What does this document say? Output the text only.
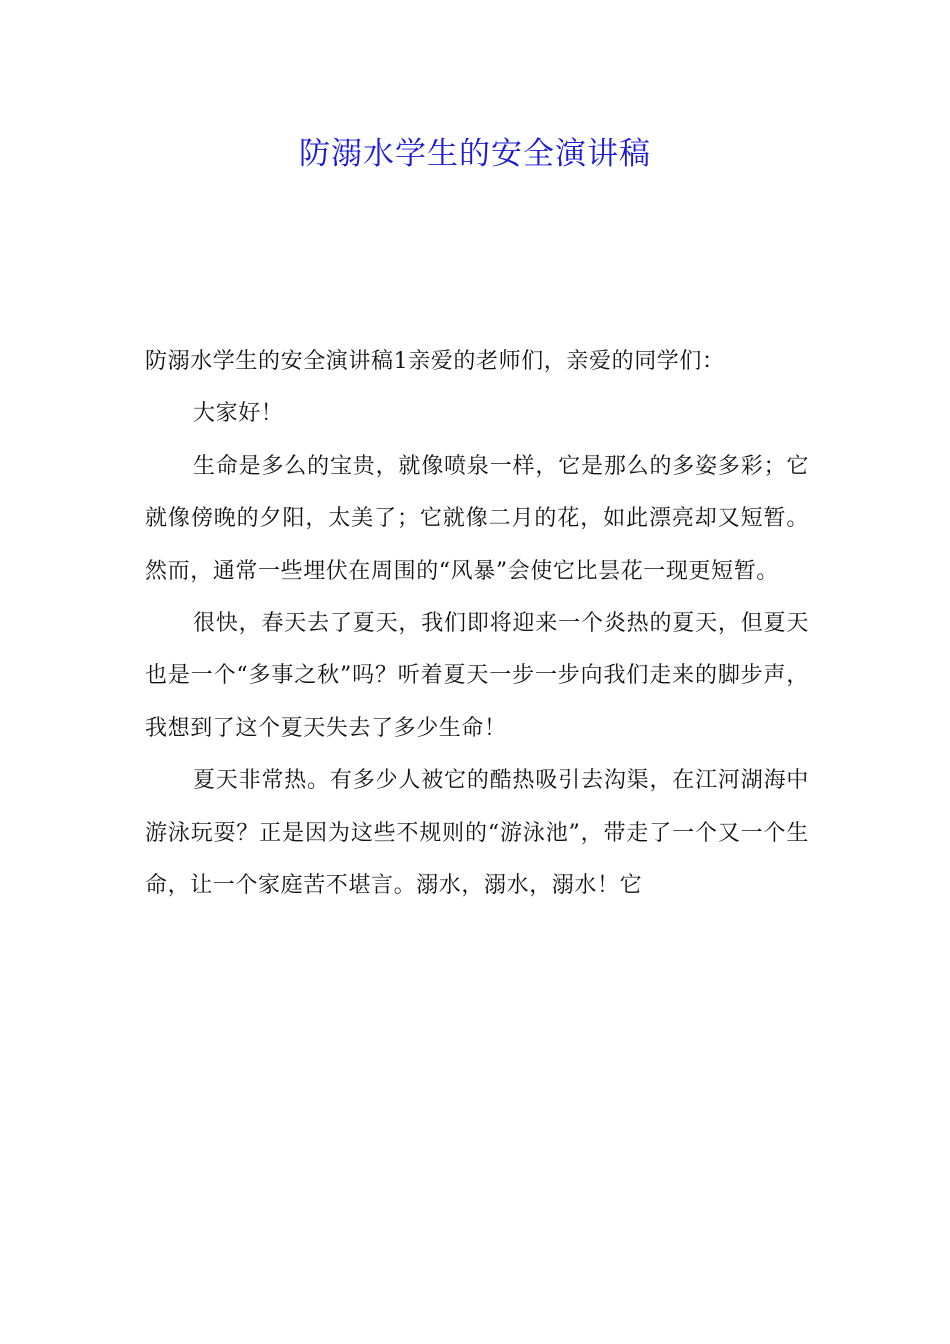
防溺水学生的安全演讲稿

防溺水学生的安全演讲稿1亲爱的老师们，亲爱的同学们：

大家好！

生命是多么的宝贵，就像喷泉一样，它是那么的多姿多彩；它就像傍晚的夕阳，太美了；它就像二月的花，如此漂亮却又短暂。然而，通常一些埋伏在周围的“风暴”会使它比昙花一现更短暂。

很快，春天去了夏天，我们即将迎来一个炎热的夏天，但夏天也是一个“多事之秋”吗？听着夏天一步一步向我们走来的脚步声，我想到了这个夏天失去了多少生命！

夏天非常热。有多少人被它的酷热吸引去沟渠，在江河湖海中游泳玩耍？正是因为这些不规则的“游泳池”，带走了一个又一个生命，让一个家庭苦不堪言。溺水，溺水，溺水！它
